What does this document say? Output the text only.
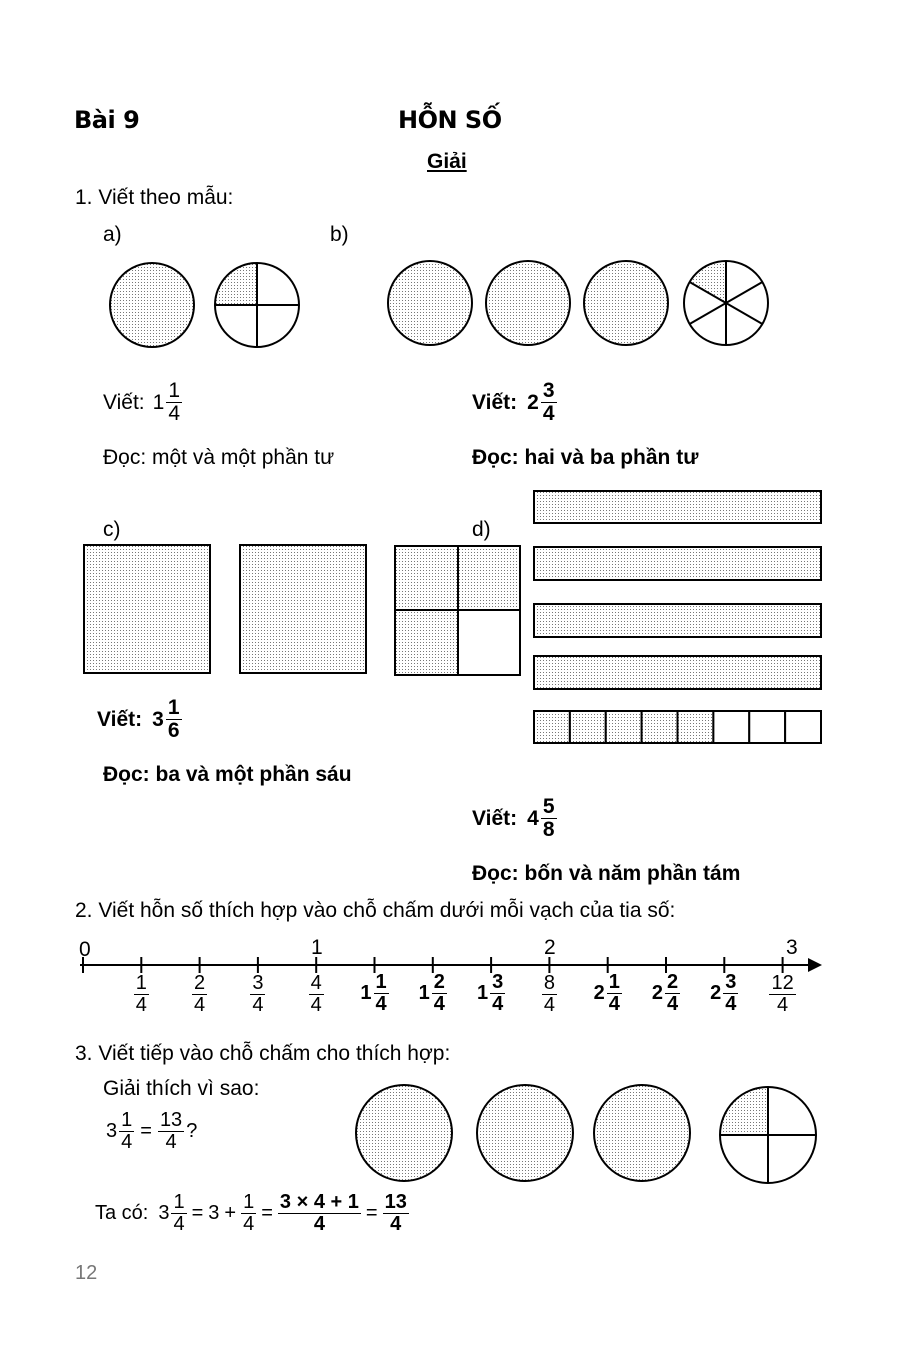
Bài 9	HỖN SỐ
Giải
1. Viết theo mẫu:
a)	b)
Viết: $1 \frac{1}{4}$
Đọc: một và một phần tư
Viết: $2 \frac{3}{4}$
Đọc: hai và ba phần tư
c)	d)
Viết: $3 \frac{1}{6}$
Đọc: ba và một phần sáu
Viết: $4 \frac{5}{8}$
Đọc: bốn và năm phần tám
2. Viết hỗn số thích hợp vào chỗ chấm dưới mỗi vạch của tia số:
0	1	2	3
$\frac{1}{4} \frac{2}{4} \frac{3}{4} \frac{4}{4} 1 \frac{1}{4} 1 \frac{2}{4} 1 \frac{3}{4} \frac{8}{4} 2 \frac{1}{4} 2 \frac{2}{4} 2 \frac{3}{4} \frac{12}{4}$
3. Viết tiếp vào chỗ chấm cho thích hợp:
Giải thích vì sao:
$3 \frac{1}{4} = \frac{13}{4}$ ?
Ta có: $3 \frac{1}{4} = 3 + \frac{1}{4} = \frac{3 \times 4 + 1}{4} = \frac{13}{4}$
12
